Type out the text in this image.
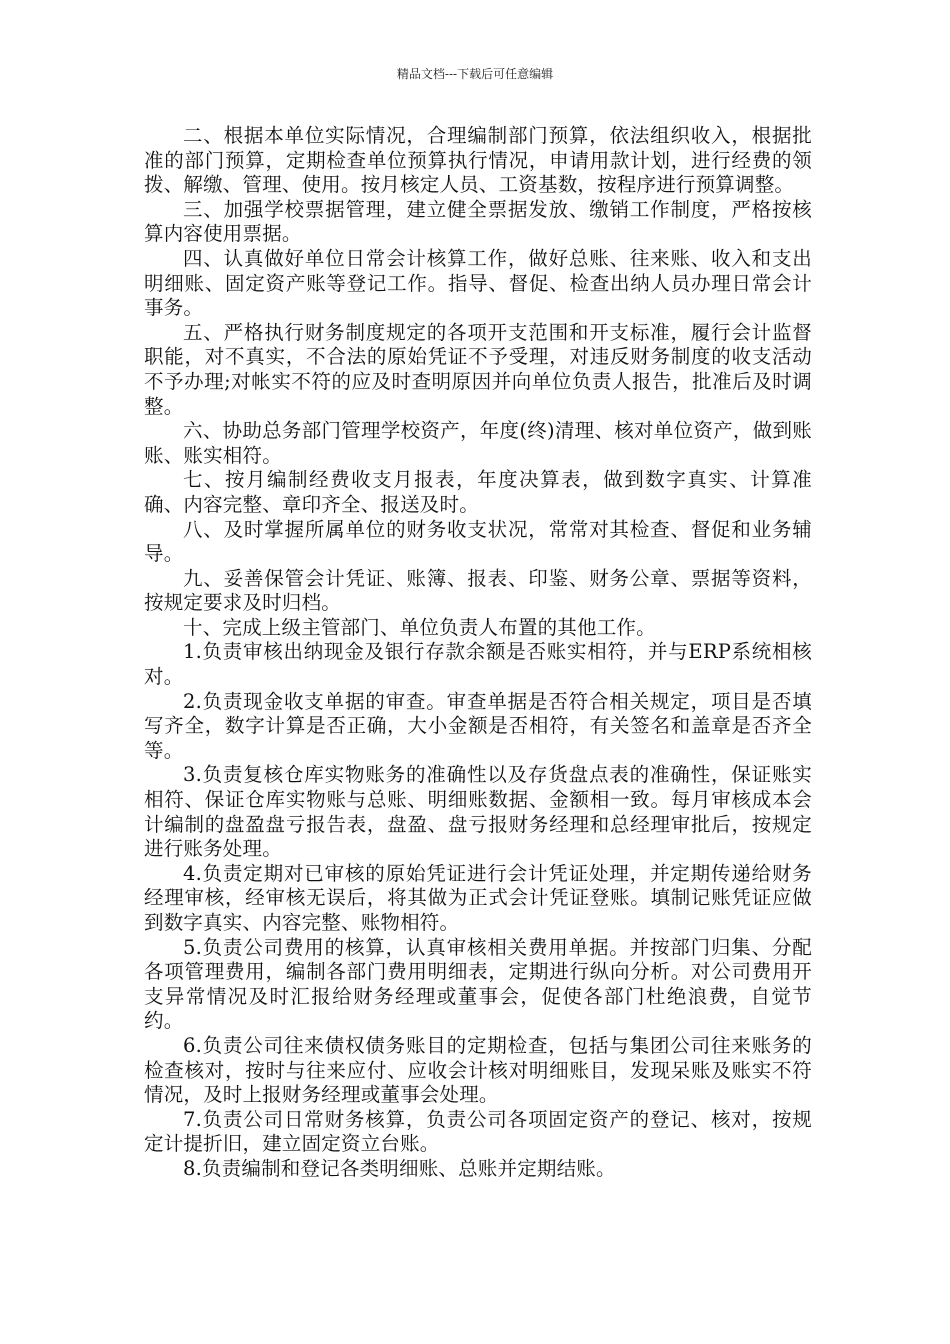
精品文档---下载后可任意编辑

二、根据本单位实际情况，合理编制部门预算，依法组织收入，根据批准的部门预算，定期检查单位预算执行情况，申请用款计划，进行经费的领拨、解缴、管理、使用。按月核定人员、工资基数，按程序进行预算调整。

三、加强学校票据管理，建立健全票据发放、缴销工作制度，严格按核算内容使用票据。

四、认真做好单位日常会计核算工作，做好总账、往来账、收入和支出明细账、固定资产账等登记工作。指导、督促、检查出纳人员办理日常会计事务。

五、严格执行财务制度规定的各项开支范围和开支标准，履行会计监督职能，对不真实，不合法的原始凭证不予受理，对违反财务制度的收支活动不予办理;对帐实不符的应及时查明原因并向单位负责人报告，批准后及时调整。

六、协助总务部门管理学校资产，年度(终)清理、核对单位资产，做到账账、账实相符。

七、按月编制经费收支月报表，年度决算表，做到数字真实、计算准确、内容完整、章印齐全、报送及时。

八、及时掌握所属单位的财务收支状况，常常对其检查、督促和业务辅导。

九、妥善保管会计凭证、账簿、报表、印鉴、财务公章、票据等资料，按规定要求及时归档。

十、完成上级主管部门、单位负责人布置的其他工作。

1.负责审核出纳现金及银行存款余额是否账实相符，并与ERP系统相核对。

2.负责现金收支单据的审查。审查单据是否符合相关规定，项目是否填写齐全，数字计算是否正确，大小金额是否相符，有关签名和盖章是否齐全等。

3.负责复核仓库实物账务的准确性以及存货盘点表的准确性，保证账实相符、保证仓库实物账与总账、明细账数据、金额相一致。每月审核成本会计编制的盘盈盘亏报告表，盘盈、盘亏报财务经理和总经理审批后，按规定进行账务处理。

4.负责定期对已审核的原始凭证进行会计凭证处理，并定期传递给财务经理审核，经审核无误后，将其做为正式会计凭证登账。填制记账凭证应做到数字真实、内容完整、账物相符。

5.负责公司费用的核算，认真审核相关费用单据。并按部门归集、分配各项管理费用，编制各部门费用明细表，定期进行纵向分析。对公司费用开支异常情况及时汇报给财务经理或董事会，促使各部门杜绝浪费，自觉节约。

6.负责公司往来债权债务账目的定期检查，包括与集团公司往来账务的检查核对，按时与往来应付、应收会计核对明细账目，发现呆账及账实不符情况，及时上报财务经理或董事会处理。

7.负责公司日常财务核算，负责公司各项固定资产的登记、核对，按规定计提折旧，建立固定资立台账。

8.负责编制和登记各类明细账、总账并定期结账。
